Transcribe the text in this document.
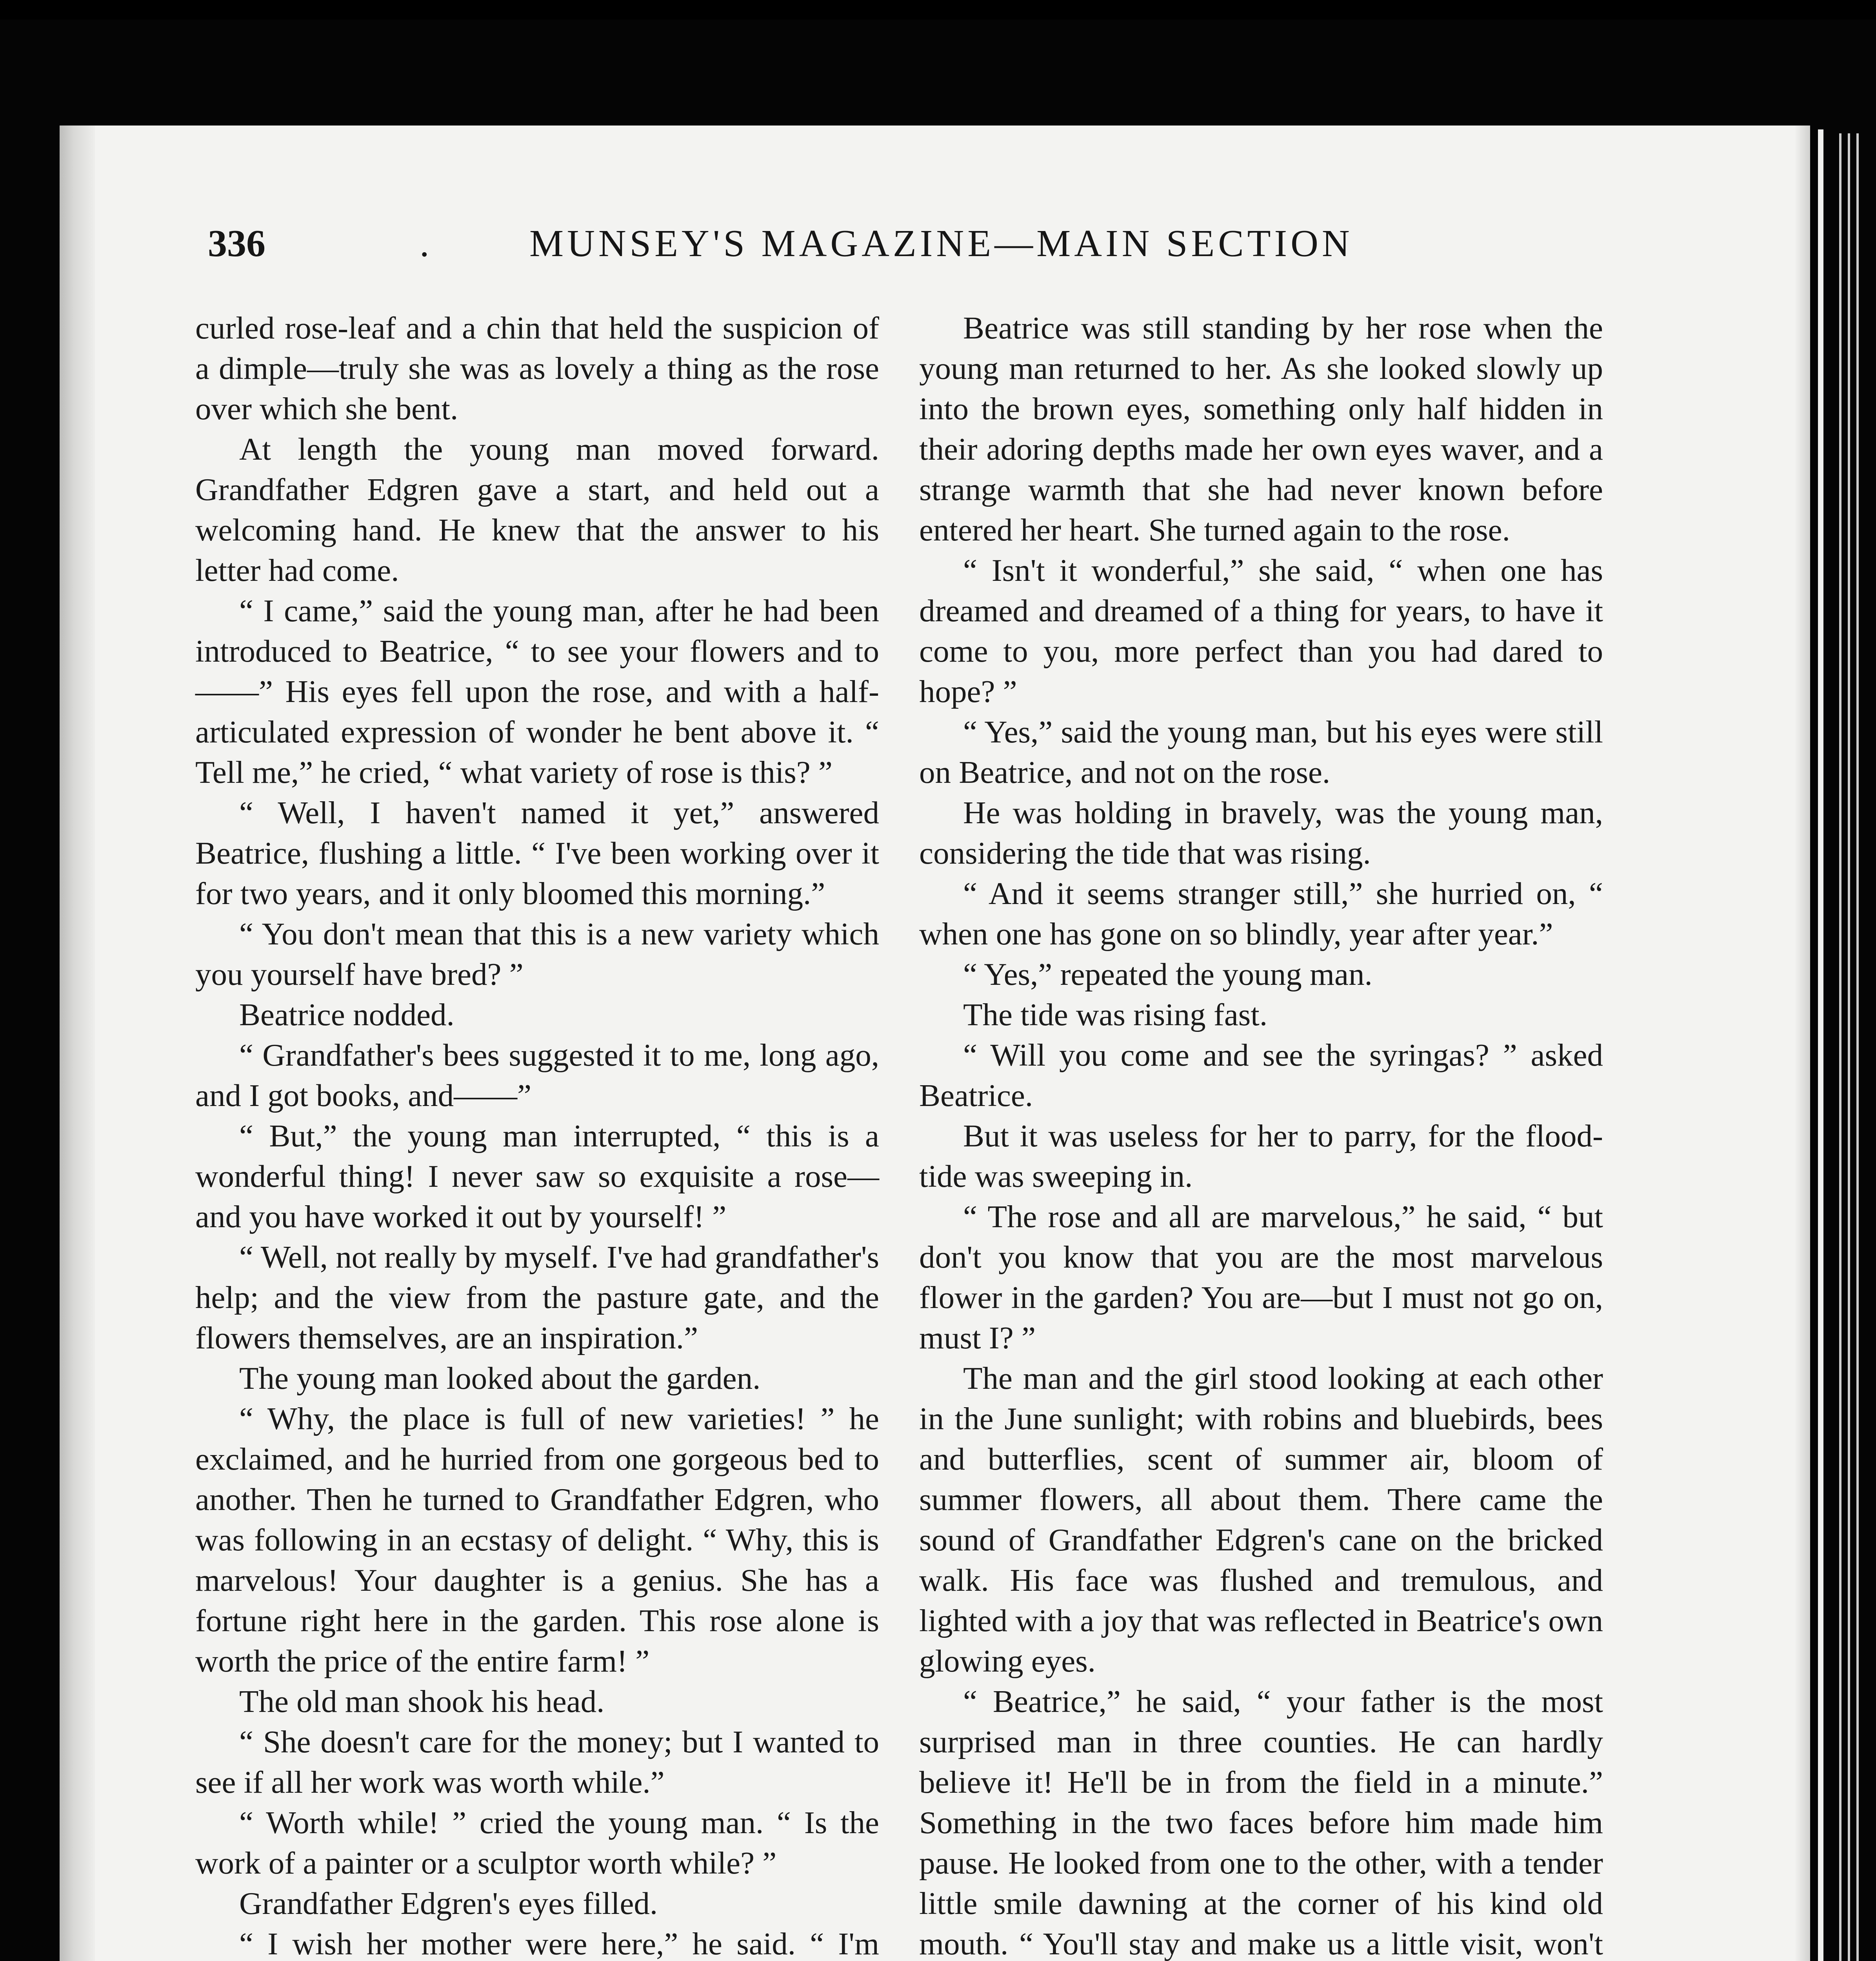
336	.	MUNSEY'S MAGAZINE—MAIN SECTION

curled rose-leaf and a chin that held the suspicion of a dimple—truly she was as lovely a thing as the rose over which she bent.

At length the young man moved forward. Grandfather Edgren gave a start, and held out a welcoming hand. He knew that the answer to his letter had come.

“ I came,” said the young man, after he had been introduced to Beatrice, “ to see your flowers and to——” His eyes fell upon the rose, and with a half-articulated expression of wonder he bent above it. “ Tell me,” he cried, “ what variety of rose is this? ”

“ Well, I haven't named it yet,” answered Beatrice, flushing a little. “ I've been working over it for two years, and it only bloomed this morning.”

“ You don't mean that this is a new variety which you yourself have bred? ”

Beatrice nodded.

“ Grandfather's bees suggested it to me, long ago, and I got books, and——”

“ But,” the young man interrupted, “ this is a wonderful thing! I never saw so exquisite a rose—and you have worked it out by yourself! ”

“ Well, not really by myself. I've had grandfather's help; and the view from the pasture gate, and the flowers themselves, are an inspiration.”

The young man looked about the garden.

“ Why, the place is full of new varieties! ” he exclaimed, and he hurried from one gorgeous bed to another. Then he turned to Grandfather Edgren, who was following in an ecstasy of delight. “ Why, this is marvelous! Your daughter is a genius. She has a fortune right here in the garden. This rose alone is worth the price of the entire farm! ”

The old man shook his head.

“ She doesn't care for the money; but I wanted to see if all her work was worth while.”

“ Worth while! ” cried the young man. “ Is the work of a painter or a sculptor worth while? ”

Grandfather Edgren's eyes filled.

“ I wish her mother were here,” he said. “ I'm

Beatrice was still standing by her rose when the young man returned to her. As she looked slowly up into the brown eyes, something only half hidden in their adoring depths made her own eyes waver, and a strange warmth that she had never known before entered her heart. She turned again to the rose.

“ Isn't it wonderful,” she said, “ when one has dreamed and dreamed of a thing for years, to have it come to you, more perfect than you had dared to hope? ”

“ Yes,” said the young man, but his eyes were still on Beatrice, and not on the rose.

He was holding in bravely, was the young man, considering the tide that was rising.

“ And it seems stranger still,” she hurried on, “ when one has gone on so blindly, year after year.”

“ Yes,” repeated the young man.

The tide was rising fast.

“ Will you come and see the syringas? ” asked Beatrice.

But it was useless for her to parry, for the flood-tide was sweeping in.

“ The rose and all are marvelous,” he said, “ but don't you know that you are the most marvelous flower in the garden? You are—but I must not go on, must I? ”

The man and the girl stood looking at each other in the June sunlight; with robins and bluebirds, bees and butterflies, scent of summer air, bloom of summer flowers, all about them. There came the sound of Grandfather Edgren's cane on the bricked walk. His face was flushed and tremulous, and lighted with a joy that was reflected in Beatrice's own glowing eyes.

“ Beatrice,” he said, “ your father is the most surprised man in three counties. He can hardly believe it! He'll be in from the field in a minute.” Something in the two faces before him made him pause. He looked from one to the other, with a tender little smile dawning at the corner of his kind old mouth. “ You'll stay and make us a little visit, won't
